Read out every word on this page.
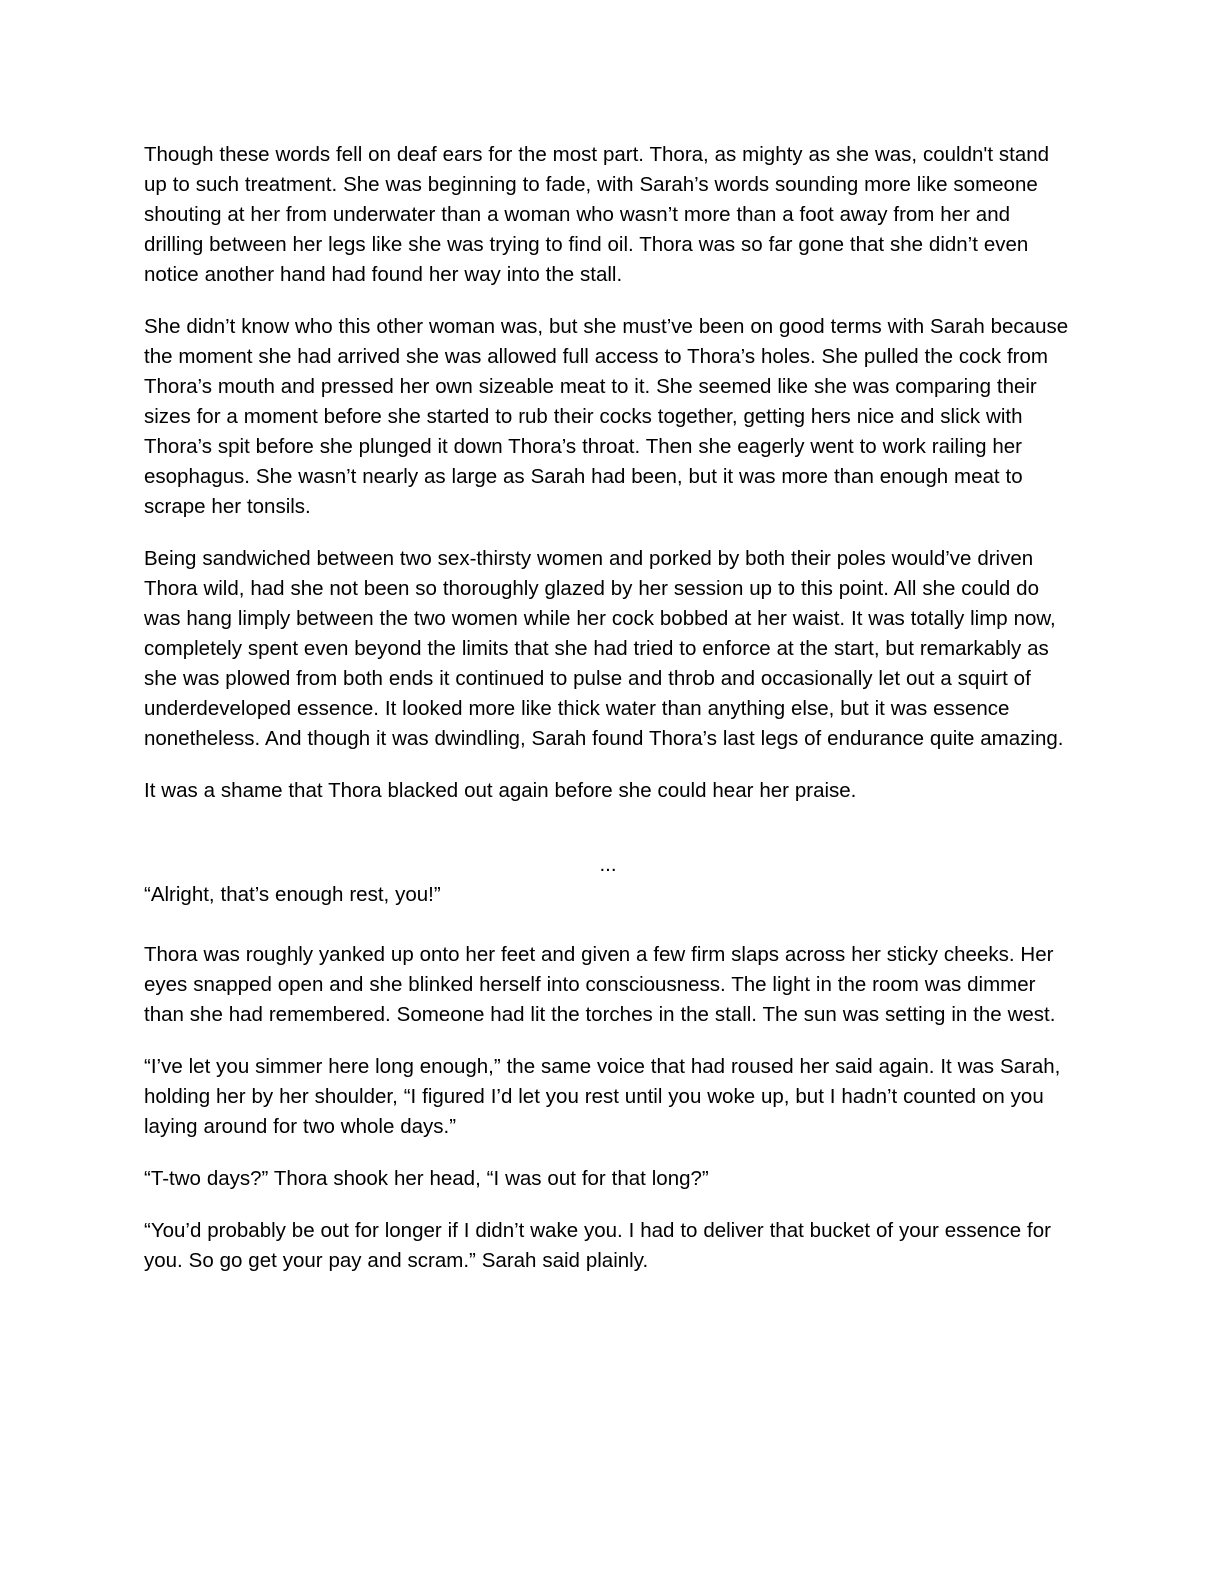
Though these words fell on deaf ears for the most part. Thora, as mighty as she was, couldn't stand up to such treatment. She was beginning to fade, with Sarah’s words sounding more like someone shouting at her from underwater than a woman who wasn’t more than a foot away from her and drilling between her legs like she was trying to find oil. Thora was so far gone that she didn’t even notice another hand had found her way into the stall.

She didn’t know who this other woman was, but she must’ve been on good terms with Sarah because the moment she had arrived she was allowed full access to Thora’s holes. She pulled the cock from Thora’s mouth and pressed her own sizeable meat to it. She seemed like she was comparing their sizes for a moment before she started to rub their cocks together, getting hers nice and slick with Thora’s spit before she plunged it down Thora’s throat. Then she eagerly went to work railing her esophagus. She wasn’t nearly as large as Sarah had been, but it was more than enough meat to scrape her tonsils.

Being sandwiched between two sex-thirsty women and porked by both their poles would’ve driven Thora wild, had she not been so thoroughly glazed by her session up to this point. All she could do was hang limply between the two women while her cock bobbed at her waist. It was totally limp now, completely spent even beyond the limits that she had tried to enforce at the start, but remarkably as she was plowed from both ends it continued to pulse and throb and occasionally let out a squirt of underdeveloped essence. It looked more like thick water than anything else, but it was essence nonetheless. And though it was dwindling, Sarah found Thora’s last legs of endurance quite amazing.

It was a shame that Thora blacked out again before she could hear her praise.

...

“Alright, that’s enough rest, you!”

Thora was roughly yanked up onto her feet and given a few firm slaps across her sticky cheeks. Her eyes snapped open and she blinked herself into consciousness. The light in the room was dimmer than she had remembered. Someone had lit the torches in the stall. The sun was setting in the west.

“I’ve let you simmer here long enough,” the same voice that had roused her said again. It was Sarah, holding her by her shoulder, “I figured I’d let you rest until you woke up, but I hadn’t counted on you laying around for two whole days.”

“T-two days?” Thora shook her head, “I was out for that long?”

“You’d probably be out for longer if I didn’t wake you. I had to deliver that bucket of your essence for you. So go get your pay and scram.” Sarah said plainly.
